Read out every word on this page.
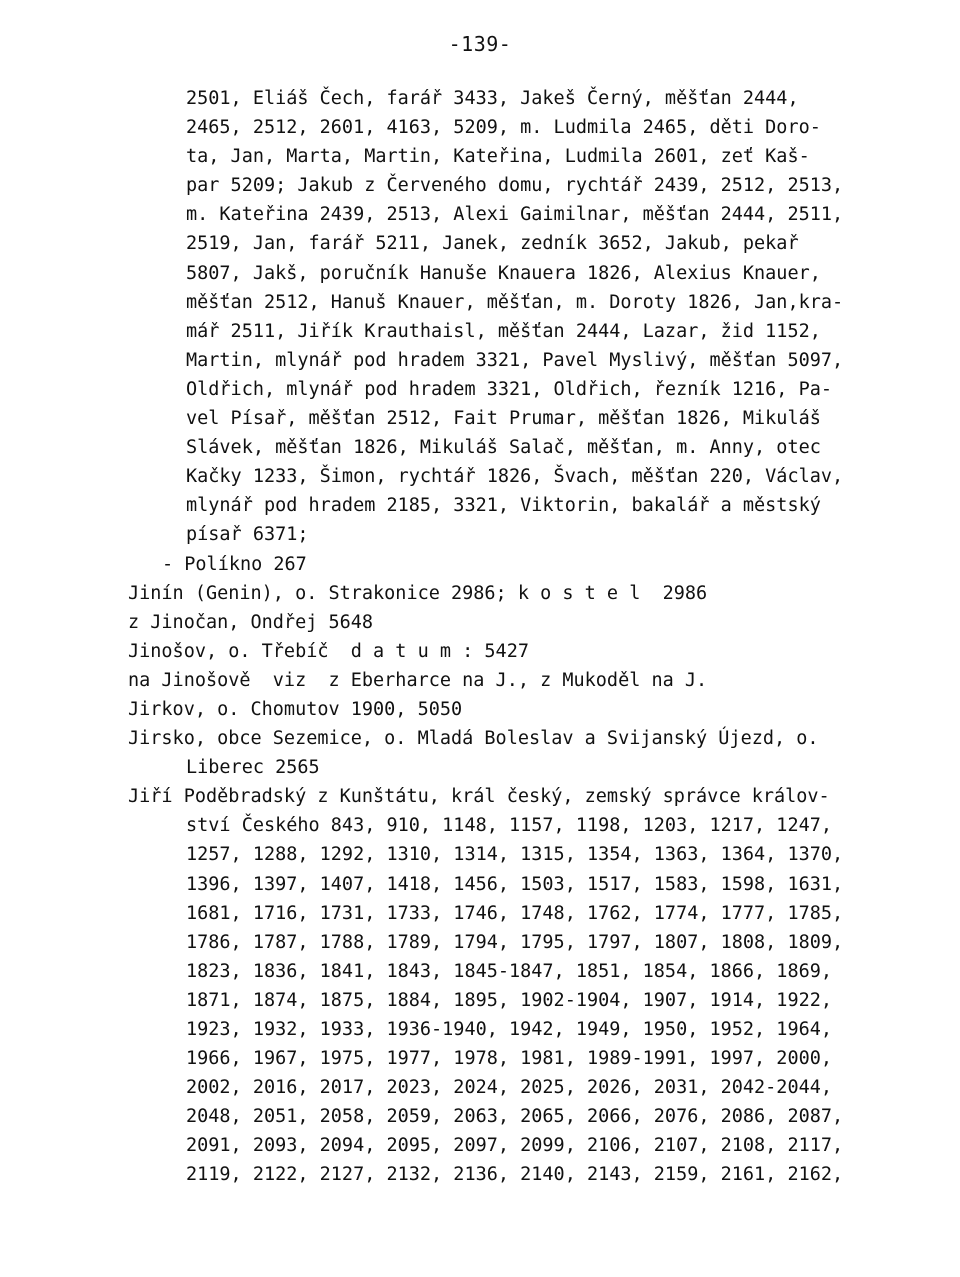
-139-
2501, Eliáš Čech, farář 3433, Jakeš Černý, měšťan 2444,
2465, 2512, 2601, 4163, 5209, m. Ludmila 2465, děti Doro-
ta, Jan, Marta, Martin, Kateřina, Ludmila 2601, zeť Kaš-
par 5209; Jakub z Červeného domu, rychtář 2439, 2512, 2513,
m. Kateřina 2439, 2513, Alexi Gaimilnar, měšťan 2444, 2511,
2519, Jan, farář 5211, Janek, zedník 3652, Jakub, pekař
5807, Jakš, poručník Hanuše Knauera 1826, Alexius Knauer,
měšťan 2512, Hanuš Knauer, měšťan, m. Doroty 1826, Jan,kra-
mář 2511, Jiřík Krauthaisl, měšťan 2444, Lazar, žid 1152,
Martin, mlynář pod hradem 3321, Pavel Myslivý, měšťan 5097,
Oldřich, mlynář pod hradem 3321, Oldřich, řezník 1216, Pa-
vel Písař, měšťan 2512, Fait Prumar, měšťan 1826, Mikuláš
Slávek, měšťan 1826, Mikuláš Salač, měšťan, m. Anny, otec
Kačky 1233, Šimon, rychtář 1826, Švach, měšťan 220, Václav,
mlynář pod hradem 2185, 3321, Viktorin, bakalář a městský
písař 6371;
- Políkno 267
Jinín (Genin), o. Strakonice 2986; k o s t e l  2986
z Jinočan, Ondřej 5648
Jinošov, o. Třebíč  d a t u m : 5427
na Jinošově  viz  z Eberharce na J., z Mukoděl na J.
Jirkov, o. Chomutov 1900, 5050
Jirsko, obce Sezemice, o. Mladá Boleslav a Svijanský Újezd, o.
Liberec 2565
Jiří Poděbradský z Kunštátu, král český, zemský správce králov-
ství Českého 843, 910, 1148, 1157, 1198, 1203, 1217, 1247,
1257, 1288, 1292, 1310, 1314, 1315, 1354, 1363, 1364, 1370,
1396, 1397, 1407, 1418, 1456, 1503, 1517, 1583, 1598, 1631,
1681, 1716, 1731, 1733, 1746, 1748, 1762, 1774, 1777, 1785,
1786, 1787, 1788, 1789, 1794, 1795, 1797, 1807, 1808, 1809,
1823, 1836, 1841, 1843, 1845-1847, 1851, 1854, 1866, 1869,
1871, 1874, 1875, 1884, 1895, 1902-1904, 1907, 1914, 1922,
1923, 1932, 1933, 1936-1940, 1942, 1949, 1950, 1952, 1964,
1966, 1967, 1975, 1977, 1978, 1981, 1989-1991, 1997, 2000,
2002, 2016, 2017, 2023, 2024, 2025, 2026, 2031, 2042-2044,
2048, 2051, 2058, 2059, 2063, 2065, 2066, 2076, 2086, 2087,
2091, 2093, 2094, 2095, 2097, 2099, 2106, 2107, 2108, 2117,
2119, 2122, 2127, 2132, 2136, 2140, 2143, 2159, 2161, 2162,
